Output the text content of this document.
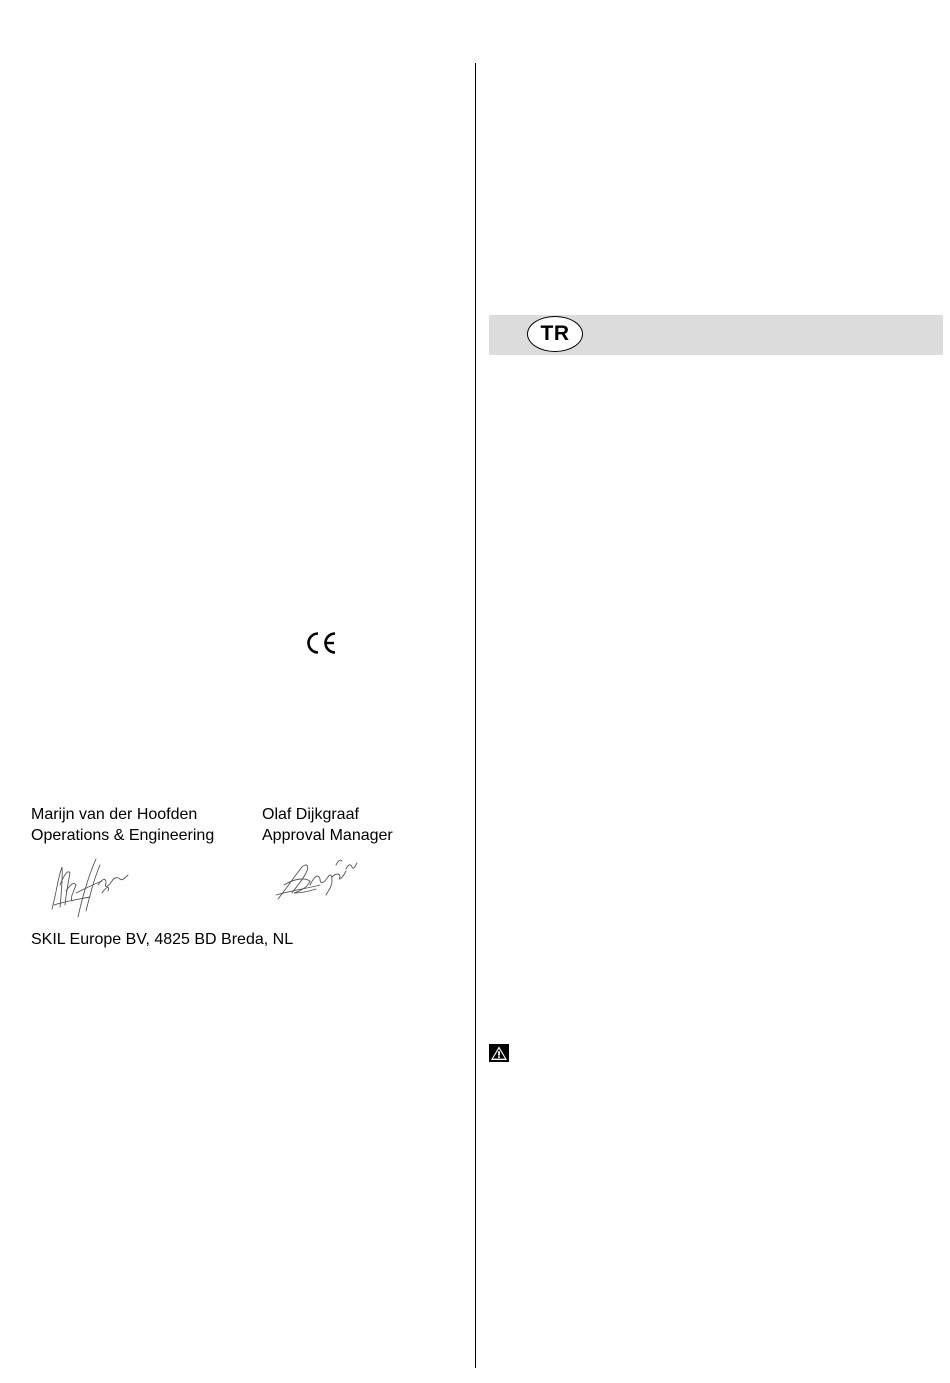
Marijn van der Hoofden
Operations & Engineering
Olaf Dijkgraaf
Approval Manager
SKIL Europe BV, 4825 BD Breda, NL
TR
